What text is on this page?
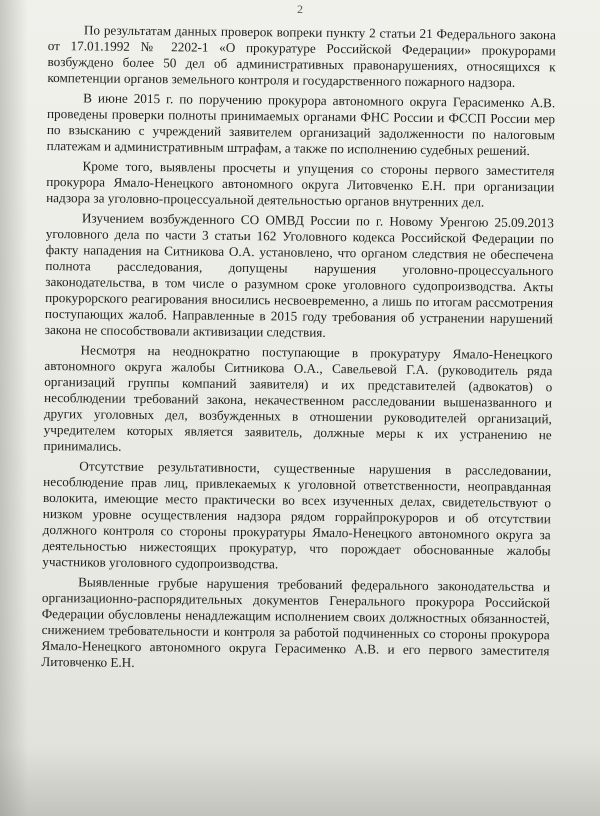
2

По результатам данных проверок вопреки пункту 2 статьи 21 Федерального закона от 17.01.1992 № 2202-1 «О прокуратуре Российской Федерации» прокурорами возбуждено более 50 дел об административных правонарушениях, относящихся к компетенции органов земельного контроля и государственного пожарного надзора.

В июне 2015 г. по поручению прокурора автономного округа Герасименко А.В. проведены проверки полноты принимаемых органами ФНС России и ФССП России мер по взысканию с учреждений заявителем организаций задолженности по налоговым платежам и административным штрафам, а также по исполнению судебных решений.

Кроме того, выявлены просчеты и упущения со стороны первого заместителя прокурора Ямало-Ненецкого автономного округа Литовченко Е.Н. при организации надзора за уголовно-процессуальной деятельностью органов внутренних дел.

Изучением возбужденного СО ОМВД России по г. Новому Уренгою 25.09.2013 уголовного дела по части 3 статьи 162 Уголовного кодекса Российской Федерации по факту нападения на Ситникова О.А. установлено, что органом следствия не обеспечена полнота расследования, допущены нарушения уголовно-процессуального законодательства, в том числе о разумном сроке уголовного судопроизводства. Акты прокурорского реагирования вносились несвоевременно, а лишь по итогам рассмотрения поступающих жалоб. Направленные в 2015 году требования об устранении нарушений закона не способствовали активизации следствия.

Несмотря на неоднократно поступающие в прокуратуру Ямало-Ненецкого автономного округа жалобы Ситникова О.А., Савельевой Г.А. (руководитель ряда организаций группы компаний заявителя) и их представителей (адвокатов) о несоблюдении требований закона, некачественном расследовании вышеназванного и других уголовных дел, возбужденных в отношении руководителей организаций, учредителем которых является заявитель, должные меры к их устранению не принимались.

Отсутствие результативности, существенные нарушения в расследовании, несоблюдение прав лиц, привлекаемых к уголовной ответственности, неоправданная волокита, имеющие место практически во всех изученных делах, свидетельствуют о низком уровне осуществления надзора рядом горрайпрокуроров и об отсутствии должного контроля со стороны прокуратуры Ямало-Ненецкого автономного округа за деятельностью нижестоящих прокуратур, что порождает обоснованные жалобы участников уголовного судопроизводства.

Выявленные грубые нарушения требований федерального законодательства и организационно-распорядительных документов Генерального прокурора Российской Федерации обусловлены ненадлежащим исполнением своих должностных обязанностей, снижением требовательности и контроля за работой подчиненных со стороны прокурора Ямало-Ненецкого автономного округа Герасименко А.В. и его первого заместителя Литовченко Е.Н.
